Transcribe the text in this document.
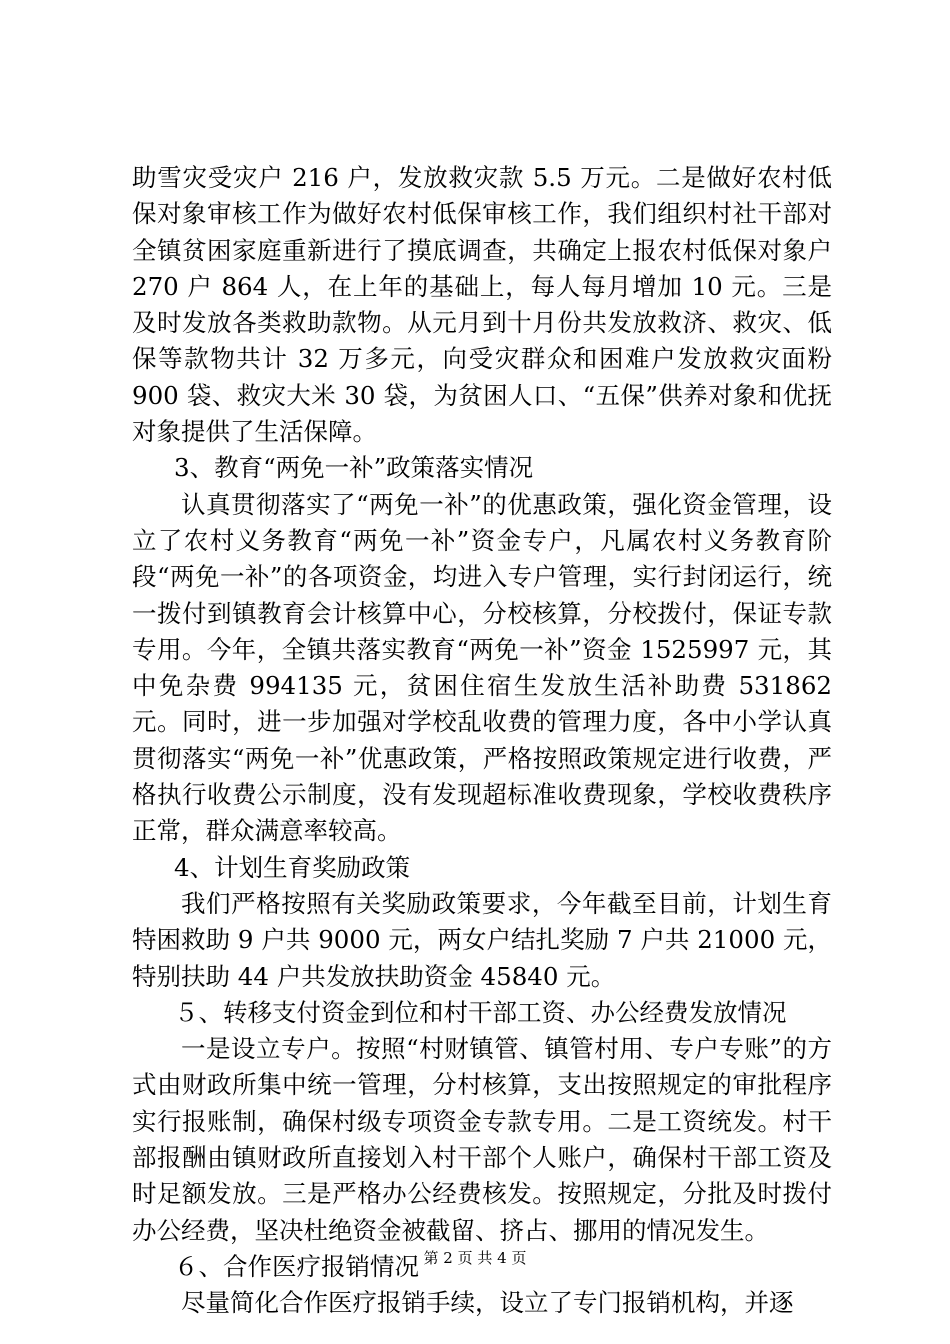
助雪灾受灾户 216 户，发放救灾款 5.5 万元。二是做好农村低保对象审核工作为做好农村低保审核工作，我们组织村社干部对全镇贫困家庭重新进行了摸底调查，共确定上报农村低保对象户 270 户 864 人，在上年的基础上，每人每月增加 10 元。三是及时发放各类救助款物。从元月到十月份共发放救济、救灾、低保等款物共计 32 万多元，向受灾群众和困难户发放救灾面粉 900 袋、救灾大米 30 袋，为贫困人口、“五保”供养对象和优抚对象提供了生活保障。

3、教育“两免一补”政策落实情况

认真贯彻落实了“两免一补”的优惠政策，强化资金管理，设立了农村义务教育“两免一补”资金专户，凡属农村义务教育阶段“两免一补”的各项资金，均进入专户管理，实行封闭运行，统一拨付到镇教育会计核算中心，分校核算，分校拨付，保证专款专用。今年，全镇共落实教育“两免一补”资金 1525997 元，其中免杂费 994135 元，贫困住宿生发放生活补助费 531862 元。同时，进一步加强对学校乱收费的管理力度，各中小学认真贯彻落实“两免一补”优惠政策，严格按照政策规定进行收费，严格执行收费公示制度，没有发现超标准收费现象，学校收费秩序正常，群众满意率较高。

4、计划生育奖励政策

我们严格按照有关奖励政策要求，今年截至目前，计划生育特困救助 9 户共 9000 元，两女户结扎奖励 7 户共 21000 元，特别扶助 44 户共发放扶助资金 45840 元。

５、转移支付资金到位和村干部工资、办公经费发放情况

一是设立专户。按照“村财镇管、镇管村用、专户专账”的方式由财政所集中统一管理，分村核算，支出按照规定的审批程序实行报账制，确保村级专项资金专款专用。二是工资统发。村干部报酬由镇财政所直接划入村干部个人账户，确保村干部工资及时足额发放。三是严格办公经费核发。按照规定，分批及时拨付办公经费，坚决杜绝资金被截留、挤占、挪用的情况发生。

６、合作医疗报销情况

尽量简化合作医疗报销手续，设立了专门报销机构，并逐

第 2 页 共 4 页
